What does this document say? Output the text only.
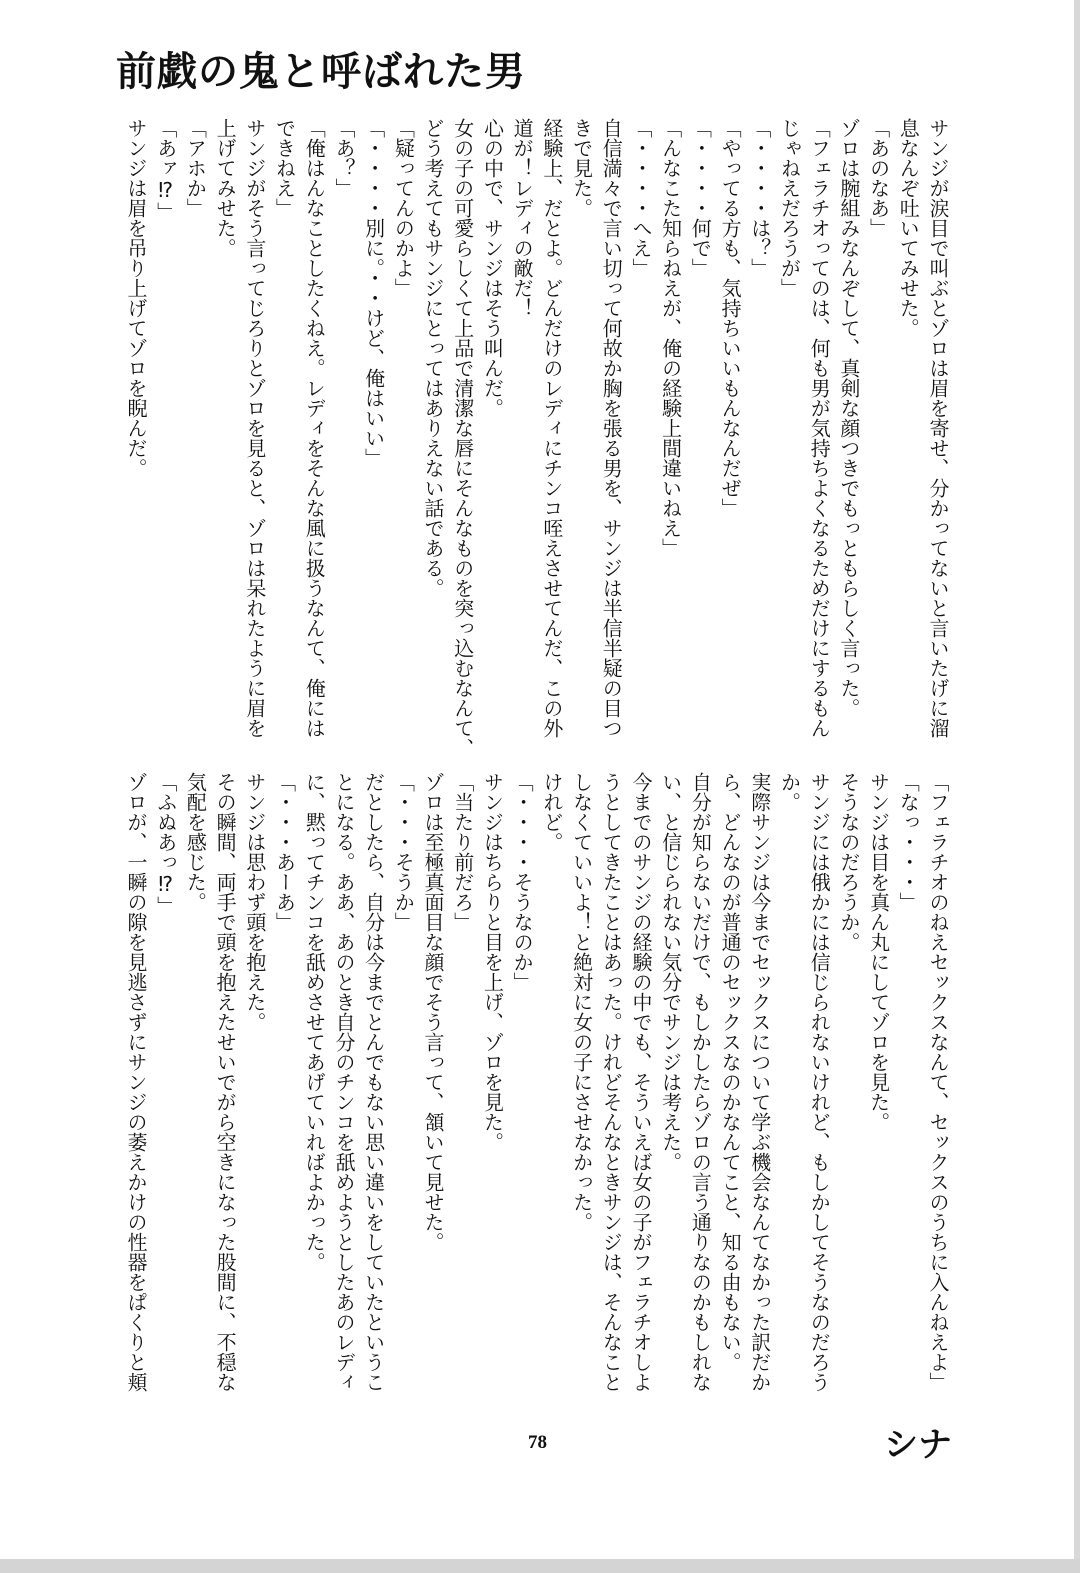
前戯の鬼と呼ばれた男
サンジが涙目で叫ぶとゾロは眉を寄せ、分かってないと言いたげに溜
息なんぞ吐いてみせた。
「あのなあ」
ゾロは腕組みなんぞして、真剣な顔つきでもっともらしく言った。
「フェラチオってのは、何も男が気持ちよくなるためだけにするもん
じゃねえだろうが」
「・・・・は？」
「やってる方も、気持ちいいもんなんだぜ」
「・・・・何で」
「んなこた知らねえが、俺の経験上間違いねえ」
「・・・・へえ」
自信満々で言い切って何故か胸を張る男を、サンジは半信半疑の目つ
きで見た。
経験上、だとよ。どんだけのレディにチンコ咥えさせてんだ、この外
道が！レディの敵だ！
心の中で、サンジはそう叫んだ。
女の子の可愛らしくて上品で清潔な唇にそんなものを突っ込むなんて、
どう考えてもサンジにとってはありえない話である。
「疑ってんのかよ」
「・・・・別に。・・けど、俺はいい」
「あ？」
「俺はんなことしたくねえ。レディをそんな風に扱うなんて、俺には
できねえ」
サンジがそう言ってじろりとゾロを見ると、ゾロは呆れたように眉を
上げてみせた。
「アホか」
「あァ⁉」
サンジは眉を吊り上げてゾロを睨んだ。
「フェラチオのねえセックスなんて、セックスのうちに入んねえよ」
「なっ・・・」
サンジは目を真ん丸にしてゾロを見た。
そうなのだろうか。
サンジには俄かには信じられないけれど、もしかしてそうなのだろう
か。
実際サンジは今までセックスについて学ぶ機会なんてなかった訳だか
ら、どんなのが普通のセックスなのかなんてこと、知る由もない。
自分が知らないだけで、もしかしたらゾロの言う通りなのかもしれな
い、と信じられない気分でサンジは考えた。
今までのサンジの経験の中でも、そういえば女の子がフェラチオしよ
うとしてきたことはあった。けれどそんなときサンジは、そんなこと
しなくていいよ！と絶対に女の子にさせなかった。
けれど。
「・・・・そうなのか」
サンジはちらりと目を上げ、ゾロを見た。
「当たり前だろ」
ゾロは至極真面目な顔でそう言って、頷いて見せた。
「・・・そうか」
だとしたら、自分は今までとんでもない思い違いをしていたというこ
とになる。ああ、あのとき自分のチンコを舐めようとしたあのレディ
に、黙ってチンコを舐めさせてあげていればよかった。
「・・・あーあ」
サンジは思わず頭を抱えた。
その瞬間、両手で頭を抱えたせいでがら空きになった股間に、不穏な
気配を感じた。
「ふぬあっ⁉」
ゾロが、一瞬の隙を見逃さずにサンジの萎えかけの性器をぱくりと頬
シナ
78
